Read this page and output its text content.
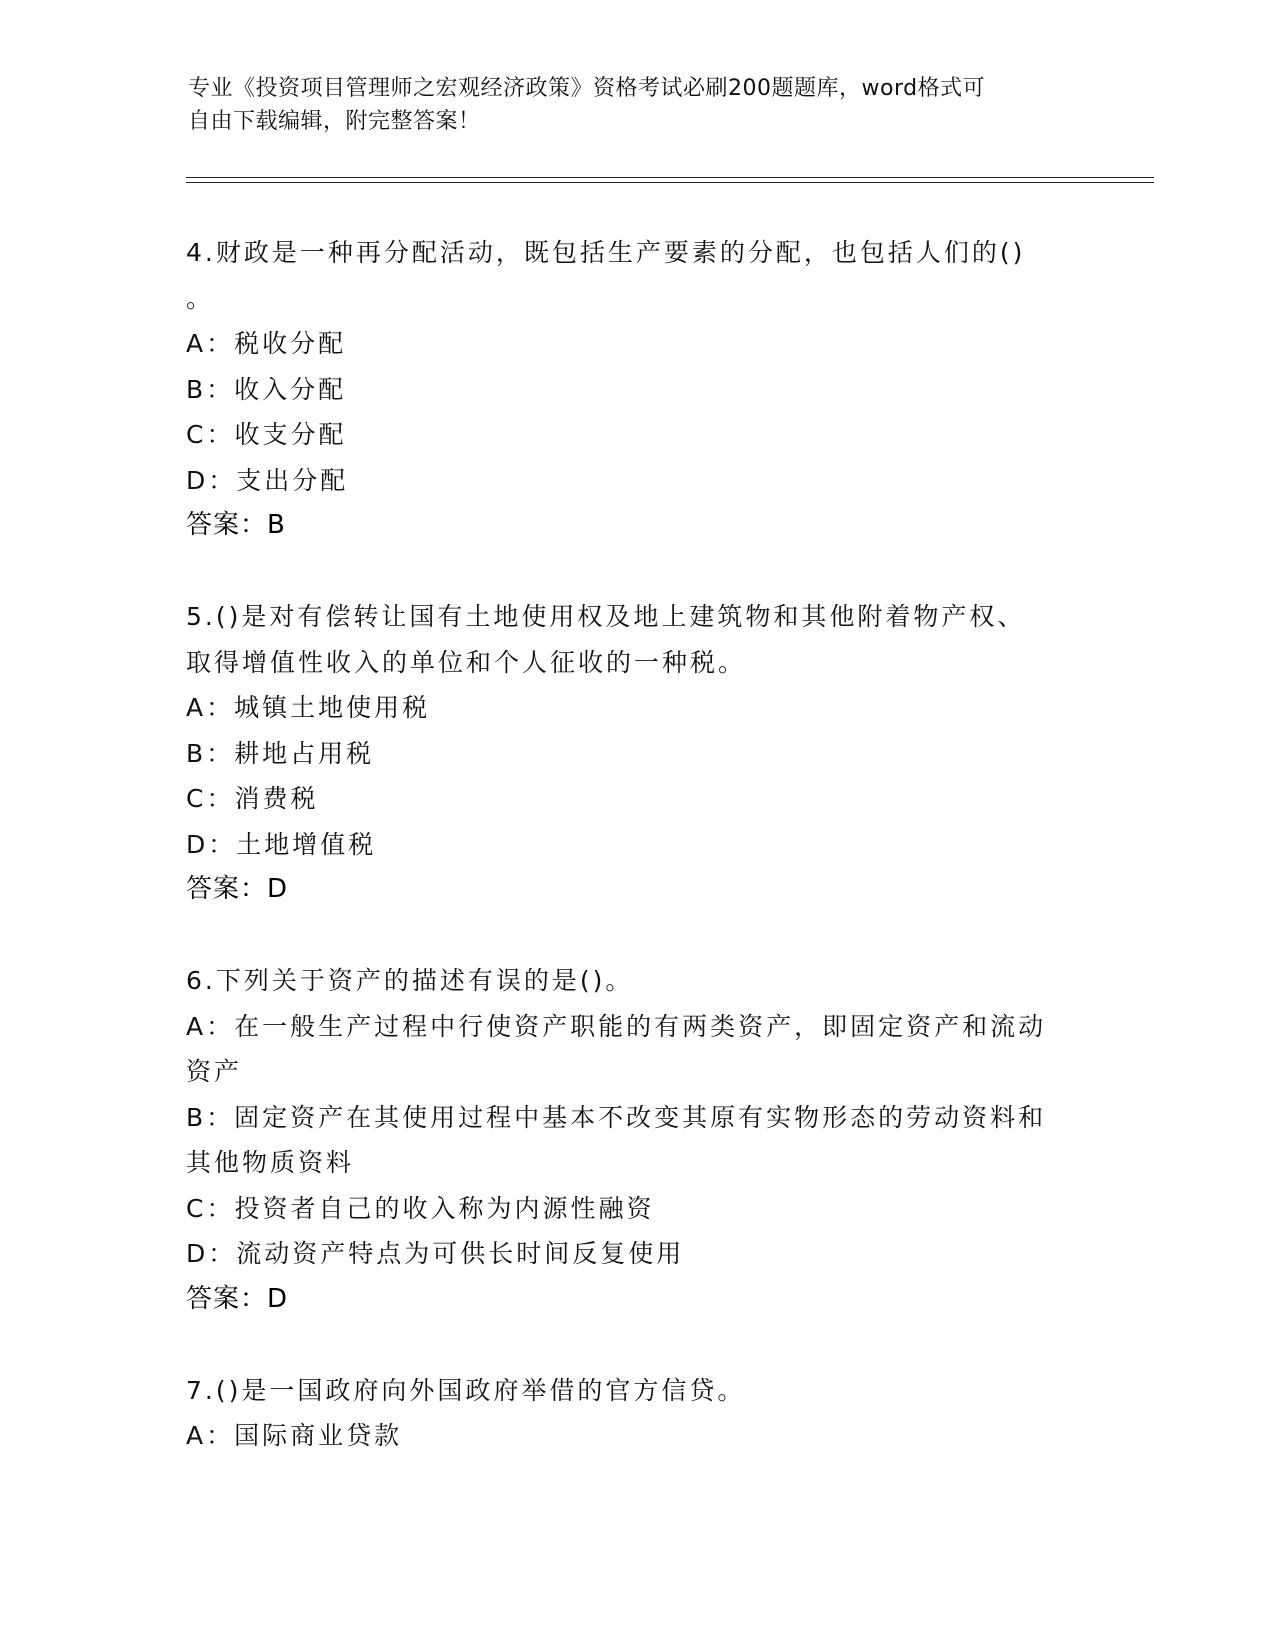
专业《投资项目管理师之宏观经济政策》资格考试必刷200题题库，word格式可
自由下载编辑，附完整答案！
4.财政是一种再分配活动，既包括生产要素的分配，也包括人们的()
。
A：税收分配
B：收入分配
C：收支分配
D：支出分配
答案：B
5.()是对有偿转让国有土地使用权及地上建筑物和其他附着物产权、
取得增值性收入的单位和个人征收的一种税。
A：城镇土地使用税
B：耕地占用税
C：消费税
D：土地增值税
答案：D
6.下列关于资产的描述有误的是()。
A：在一般生产过程中行使资产职能的有两类资产，即固定资产和流动
资产
B：固定资产在其使用过程中基本不改变其原有实物形态的劳动资料和
其他物质资料
C：投资者自己的收入称为内源性融资
D：流动资产特点为可供长时间反复使用
答案：D
7.()是一国政府向外国政府举借的官方信贷。
A：国际商业贷款
